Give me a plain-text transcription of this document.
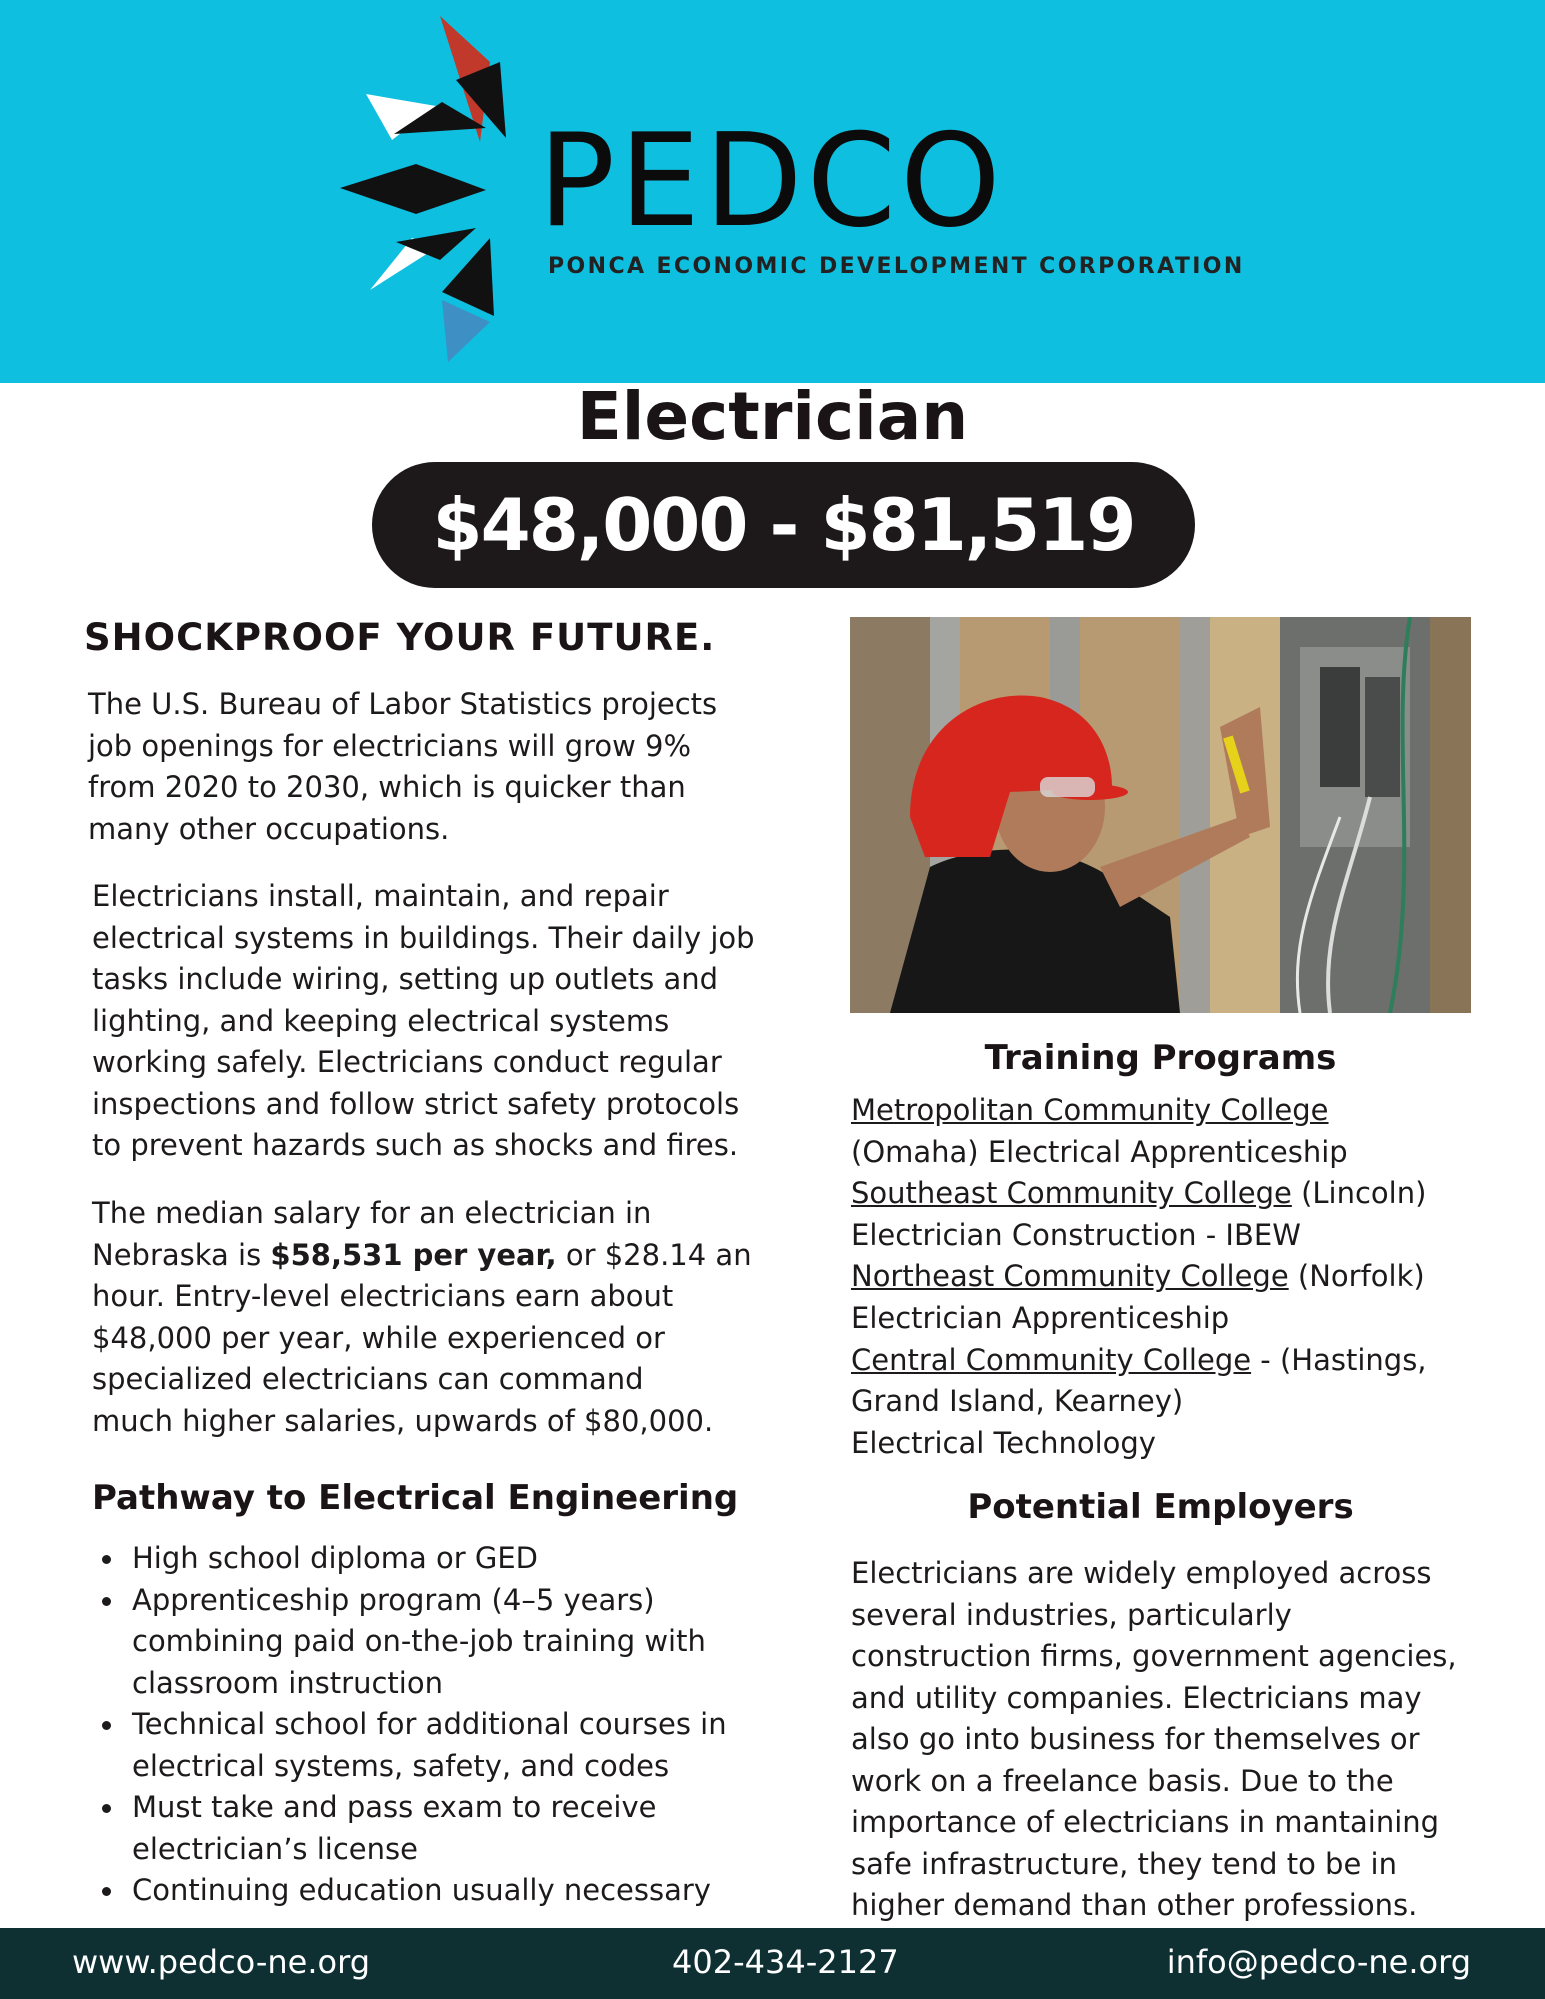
PEDCO
PONCA ECONOMIC DEVELOPMENT CORPORATION
Electrician
$48,000 - $81,519
SHOCKPROOF YOUR FUTURE.

The U.S. Bureau of Labor Statistics projects
job openings for electricians will grow 9%
from 2020 to 2030, which is quicker than
many other occupations.

Electricians install, maintain, and repair
electrical systems in buildings. Their daily job
tasks include wiring, setting up outlets and
lighting, and keeping electrical systems
working safely. Electricians conduct regular
inspections and follow strict safety protocols
to prevent hazards such as shocks and fires.

The median salary for an electrician in
Nebraska is $58,531 per year, or $28.14 an
hour. Entry-level electricians earn about
$48,000 per year, while experienced or
specialized electricians can command
much higher salaries, upwards of $80,000.

Pathway to Electrical Engineering
High school diploma or GED
Apprenticeship program (4–5 years) combining paid on-the-job training with classroom instruction
Technical school for additional courses in electrical systems, safety, and codes
Must take and pass exam to receive electrician’s license
Continuing education usually necessary
Training Programs
Metropolitan Community College
(Omaha) Electrical Apprenticeship
Southeast Community College (Lincoln)
Electrician Construction - IBEW
Northeast Community College (Norfolk)
Electrician Apprenticeship
Central Community College - (Hastings,
Grand Island, Kearney)
Electrical Technology
Potential Employers

Electricians are widely employed across
several industries, particularly
construction firms, government agencies,
and utility companies. Electricians may
also go into business for themselves or
work on a freelance basis. Due to the
importance of electricians in mantaining
safe infrastructure, they tend to be in
higher demand than other professions.

www.pedco-ne.org	402-434-2127	info@pedco-ne.org
